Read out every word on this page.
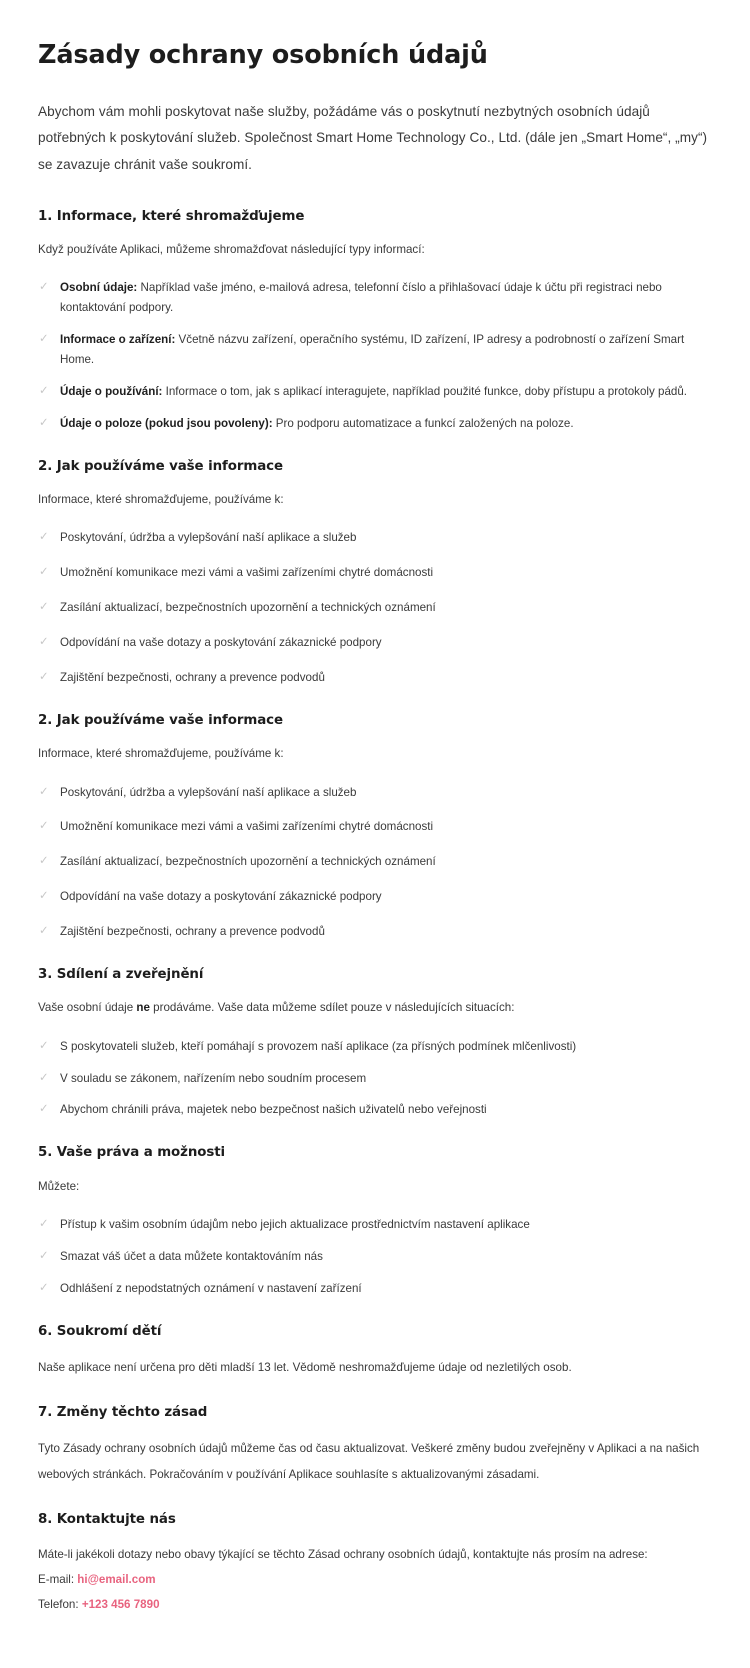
Zásady ochrany osobních údajů

Abychom vám mohli poskytovat naše služby, požádáme vás o poskytnutí nezbytných osobních údajů potřebných k poskytování služeb. Společnost Smart Home Technology Co., Ltd. (dále jen „Smart Home“, „my“) se zavazuje chránit vaše soukromí.

1. Informace, které shromažďujeme

Když používáte Aplikaci, můžeme shromažďovat následující typy informací:

✓ Osobní údaje: Například vaše jméno, e-mailová adresa, telefonní číslo a přihlašovací údaje k účtu při registraci nebo kontaktování podpory.
✓ Informace o zařízení: Včetně názvu zařízení, operačního systému, ID zařízení, IP adresy a podrobností o zařízení Smart Home.
✓ Údaje o používání: Informace o tom, jak s aplikací interagujete, například použité funkce, doby přístupu a protokoly pádů.
✓ Údaje o poloze (pokud jsou povoleny): Pro podporu automatizace a funkcí založených na poloze.
2. Jak používáme vaše informace

Informace, které shromažďujeme, používáme k:

✓ Poskytování, údržba a vylepšování naší aplikace a služeb
✓ Umožnění komunikace mezi vámi a vašimi zařízeními chytré domácnosti
✓ Zasílání aktualizací, bezpečnostních upozornění a technických oznámení
✓ Odpovídání na vaše dotazy a poskytování zákaznické podpory
✓ Zajištění bezpečnosti, ochrany a prevence podvodů
2. Jak používáme vaše informace

Informace, které shromažďujeme, používáme k:

✓ Poskytování, údržba a vylepšování naší aplikace a služeb
✓ Umožnění komunikace mezi vámi a vašimi zařízeními chytré domácnosti
✓ Zasílání aktualizací, bezpečnostních upozornění a technických oznámení
✓ Odpovídání na vaše dotazy a poskytování zákaznické podpory
✓ Zajištění bezpečnosti, ochrany a prevence podvodů
3. Sdílení a zveřejnění

Vaše osobní údaje ne prodáváme. Vaše data můžeme sdílet pouze v následujících situacích:

✓ S poskytovateli služeb, kteří pomáhají s provozem naší aplikace (za přísných podmínek mlčenlivosti)
✓ V souladu se zákonem, nařízením nebo soudním procesem
✓ Abychom chránili práva, majetek nebo bezpečnost našich uživatelů nebo veřejnosti
5. Vaše práva a možnosti

Můžete:

✓ Přístup k vašim osobním údajům nebo jejich aktualizace prostřednictvím nastavení aplikace
✓ Smazat váš účet a data můžete kontaktováním nás
✓ Odhlášení z nepodstatných oznámení v nastavení zařízení
6. Soukromí dětí

Naše aplikace není určena pro děti mladší 13 let. Vědomě neshromažďujeme údaje od nezletilých osob.

7. Změny těchto zásad

Tyto Zásady ochrany osobních údajů můžeme čas od času aktualizovat. Veškeré změny budou zveřejněny v Aplikaci a na našich webových stránkách. Pokračováním v používání Aplikace souhlasíte s aktualizovanými zásadami.

8. Kontaktujte nás

Máte-li jakékoli dotazy nebo obavy týkající se těchto Zásad ochrany osobních údajů, kontaktujte nás prosím na adrese:

E-mail: hi@email.com

Telefon: +123 456 7890
